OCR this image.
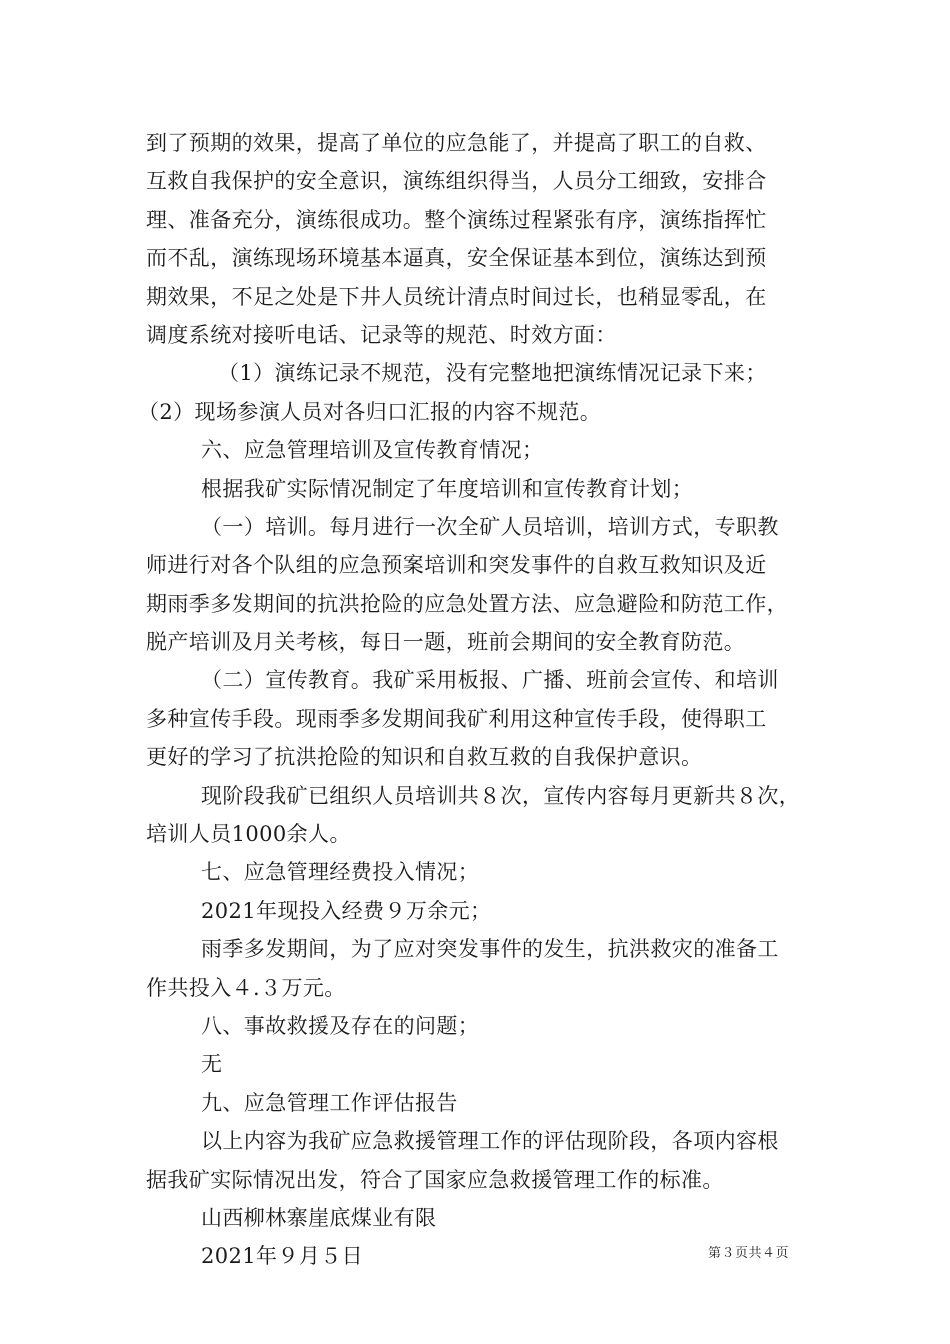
到了预期的效果，提高了单位的应急能了，并提高了职工的自救、
互救自我保护的安全意识，演练组织得当，人员分工细致，安排合
理、准备充分，演练很成功。整个演练过程紧张有序，演练指挥忙
而不乱，演练现场环境基本逼真，安全保证基本到位，演练达到预
期效果，不足之处是下井人员统计清点时间过长，也稍显零乱，在
调度系统对接听电话、记录等的规范、时效方面：
（1）演练记录不规范，没有完整地把演练情况记录下来；
（2）现场参演人员对各归口汇报的内容不规范。
六、应急管理培训及宣传教育情况；
根据我矿实际情况制定了年度培训和宣传教育计划；
（一）培训。每月进行一次全矿人员培训，培训方式，专职教
师进行对各个队组的应急预案培训和突发事件的自救互救知识及近
期雨季多发期间的抗洪抢险的应急处置方法、应急避险和防范工作，
脱产培训及月关考核，每日一题，班前会期间的安全教育防范。
（二）宣传教育。我矿采用板报、广播、班前会宣传、和培训
多种宣传手段。现雨季多发期间我矿利用这种宣传手段，使得职工
更好的学习了抗洪抢险的知识和自救互救的自我保护意识。
现阶段我矿已组织人员培训共８次，宣传内容每月更新共８次，
培训人员1000余人。
七、应急管理经费投入情况；
2021年现投入经费９万余元；
雨季多发期间，为了应对突发事件的发生，抗洪救灾的准备工
作共投入４.３万元。
八、事故救援及存在的问题；
无
九、应急管理工作评估报告
以上内容为我矿应急救援管理工作的评估现阶段，各项内容根
据我矿实际情况出发，符合了国家应急救援管理工作的标准。
山西柳林寨崖底煤业有限
2021年９月５日	第３页共４页
